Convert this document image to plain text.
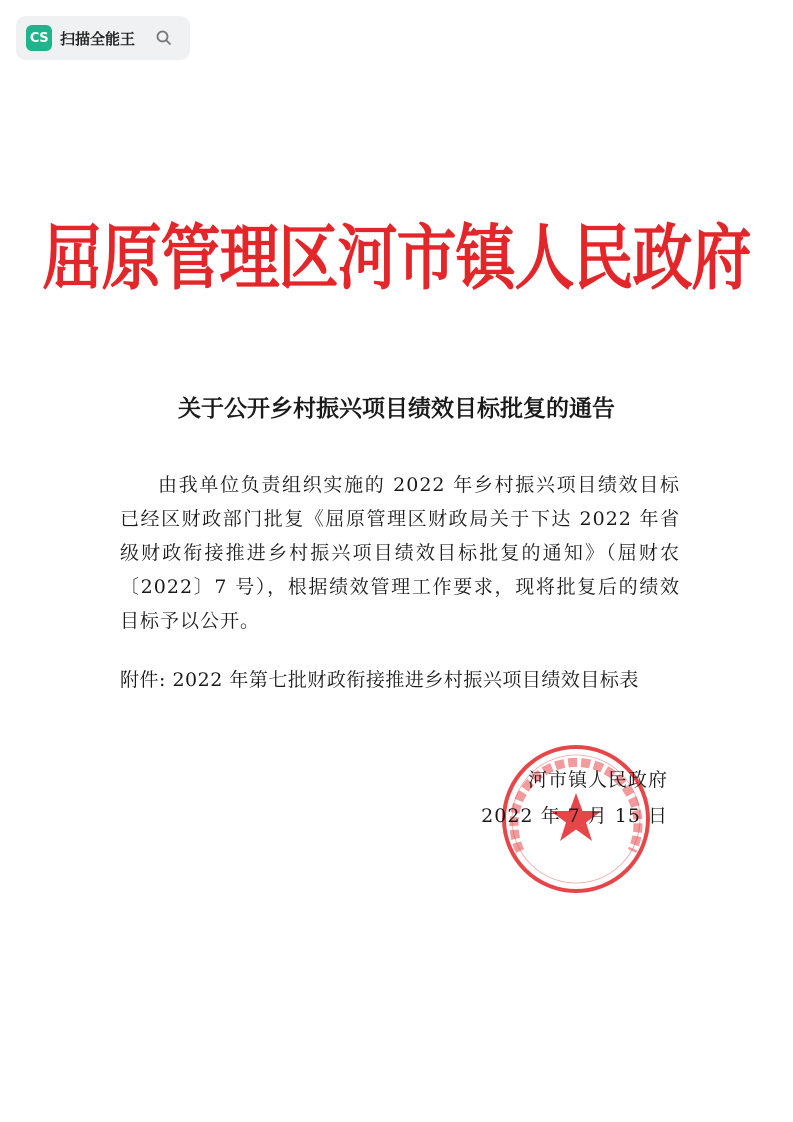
CS 扫描全能王
屈原管理区河市镇人民政府
关于公开乡村振兴项目绩效目标批复的通告

由我单位负责组织实施的 2022 年乡村振兴项目绩效目标已经区财政部门批复《屈原管理区财政局关于下达 2022 年省级财政衔接推进乡村振兴项目绩效目标批复的通知》（屈财农〔2022〕7 号），根据绩效管理工作要求，现将批复后的绩效目标予以公开。

附件: 2022 年第七批财政衔接推进乡村振兴项目绩效目标表
河市镇人民政府
2022 年 7 月 15 日
